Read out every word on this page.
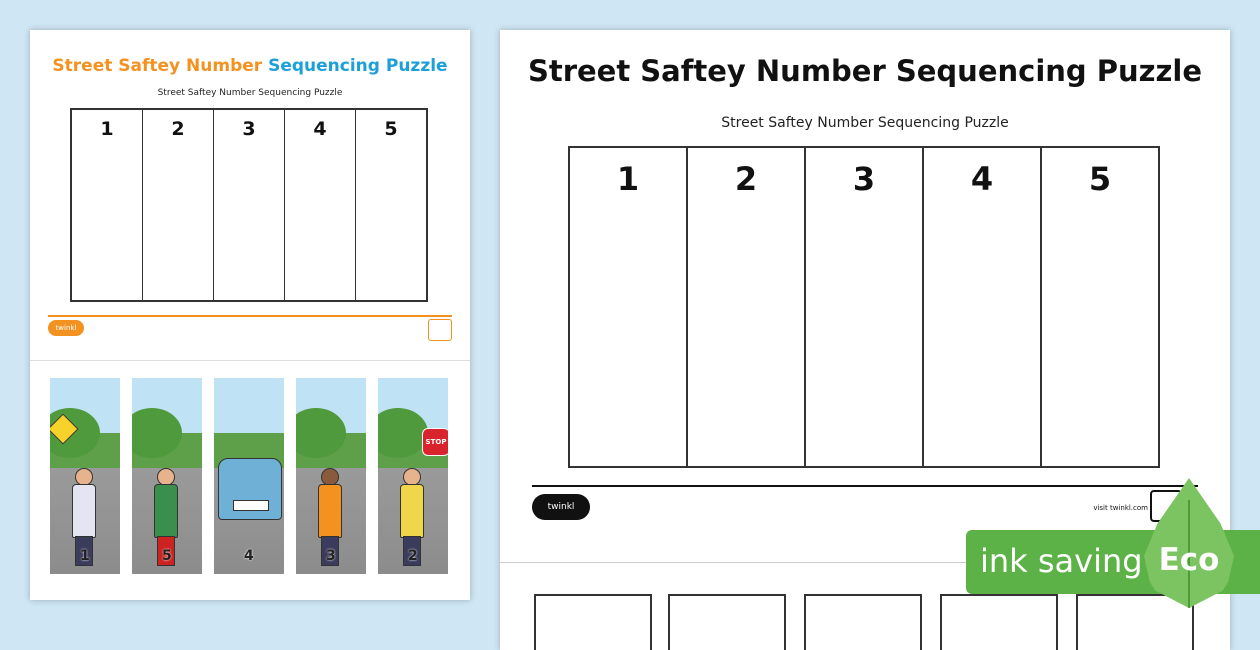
Street Saftey Number Sequencing Puzzle
Street Saftey Number Sequencing Puzzle
1	2	3	4	5
twinkl
1	5	4	3
STOP
2
Street Saftey Number Sequencing Puzzle
Street Saftey Number Sequencing Puzzle
1	2	3	4	5
twinkl	visit twinkl.com
ink saving Eco
